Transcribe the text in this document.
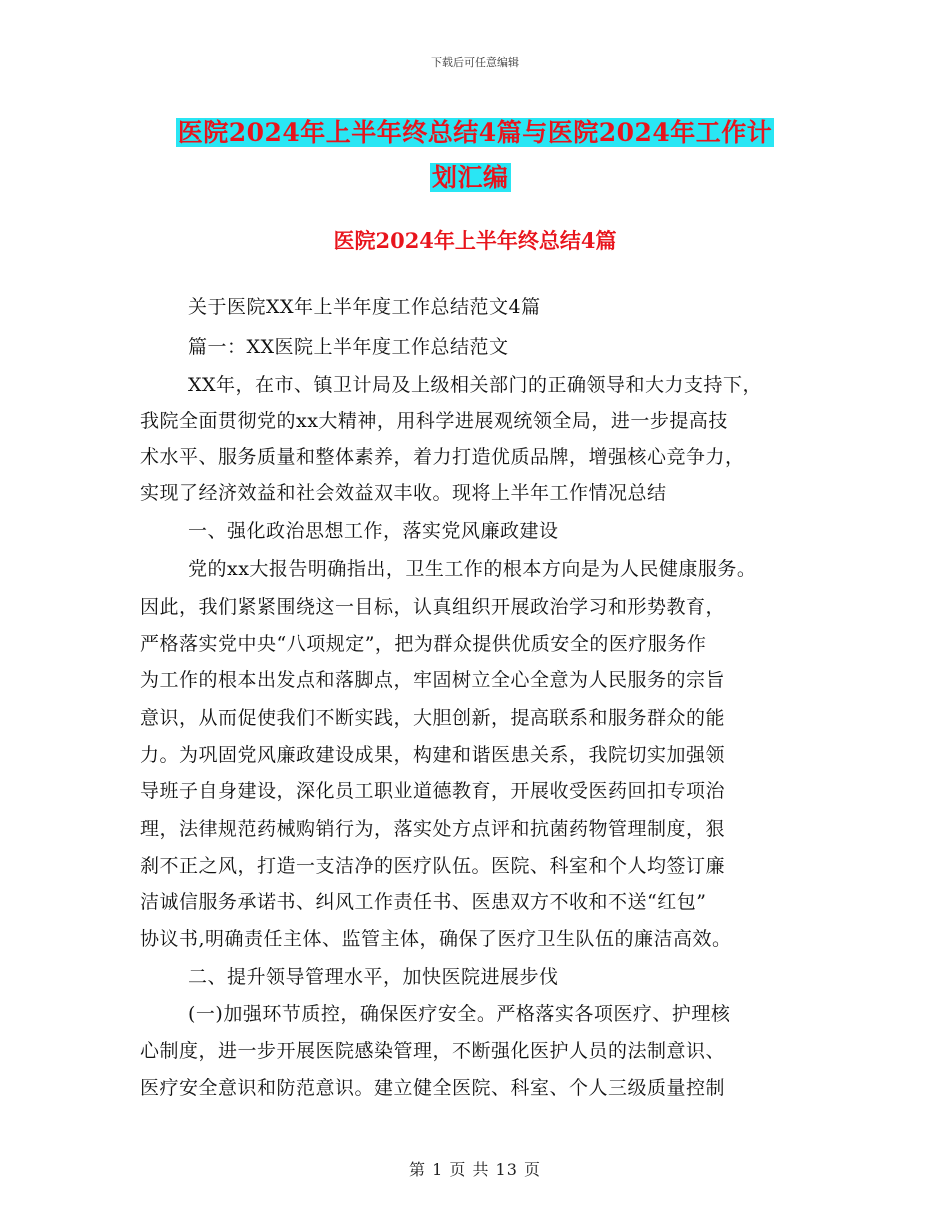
下载后可任意编辑
医院2024年上半年终总结4篇与医院2024年工作计
划汇编
医院2024年上半年终总结4篇
关于医院XX年上半年度工作总结范文4篇
篇一：XX医院上半年度工作总结范文
XX年，在市、镇卫计局及上级相关部门的正确领导和大力支持下，
我院全面贯彻党的xx大精神，用科学进展观统领全局，进一步提高技
术水平、服务质量和整体素养，着力打造优质品牌，增强核心竞争力，
实现了经济效益和社会效益双丰收。现将上半年工作情况总结
一、强化政治思想工作，落实党风廉政建设
党的xx大报告明确指出，卫生工作的根本方向是为人民健康服务。
因此，我们紧紧围绕这一目标，认真组织开展政治学习和形势教育，
严格落实党中央“八项规定”，把为群众提供优质安全的医疗服务作
为工作的根本出发点和落脚点，牢固树立全心全意为人民服务的宗旨
意识，从而促使我们不断实践，大胆创新，提高联系和服务群众的能
力。为巩固党风廉政建设成果，构建和谐医患关系，我院切实加强领
导班子自身建设，深化员工职业道德教育，开展收受医药回扣专项治
理，法律规范药械购销行为，落实处方点评和抗菌药物管理制度，狠
刹不正之风，打造一支洁净的医疗队伍。医院、科室和个人均签订廉
洁诚信服务承诺书、纠风工作责任书、医患双方不收和不送“红包”
协议书,明确责任主体、监管主体，确保了医疗卫生队伍的廉洁高效。
二、提升领导管理水平，加快医院进展步伐
(一)加强环节质控，确保医疗安全。严格落实各项医疗、护理核
心制度，进一步开展医院感染管理，不断强化医护人员的法制意识、
医疗安全意识和防范意识。建立健全医院、科室、个人三级质量控制
第 1 页 共 13 页
